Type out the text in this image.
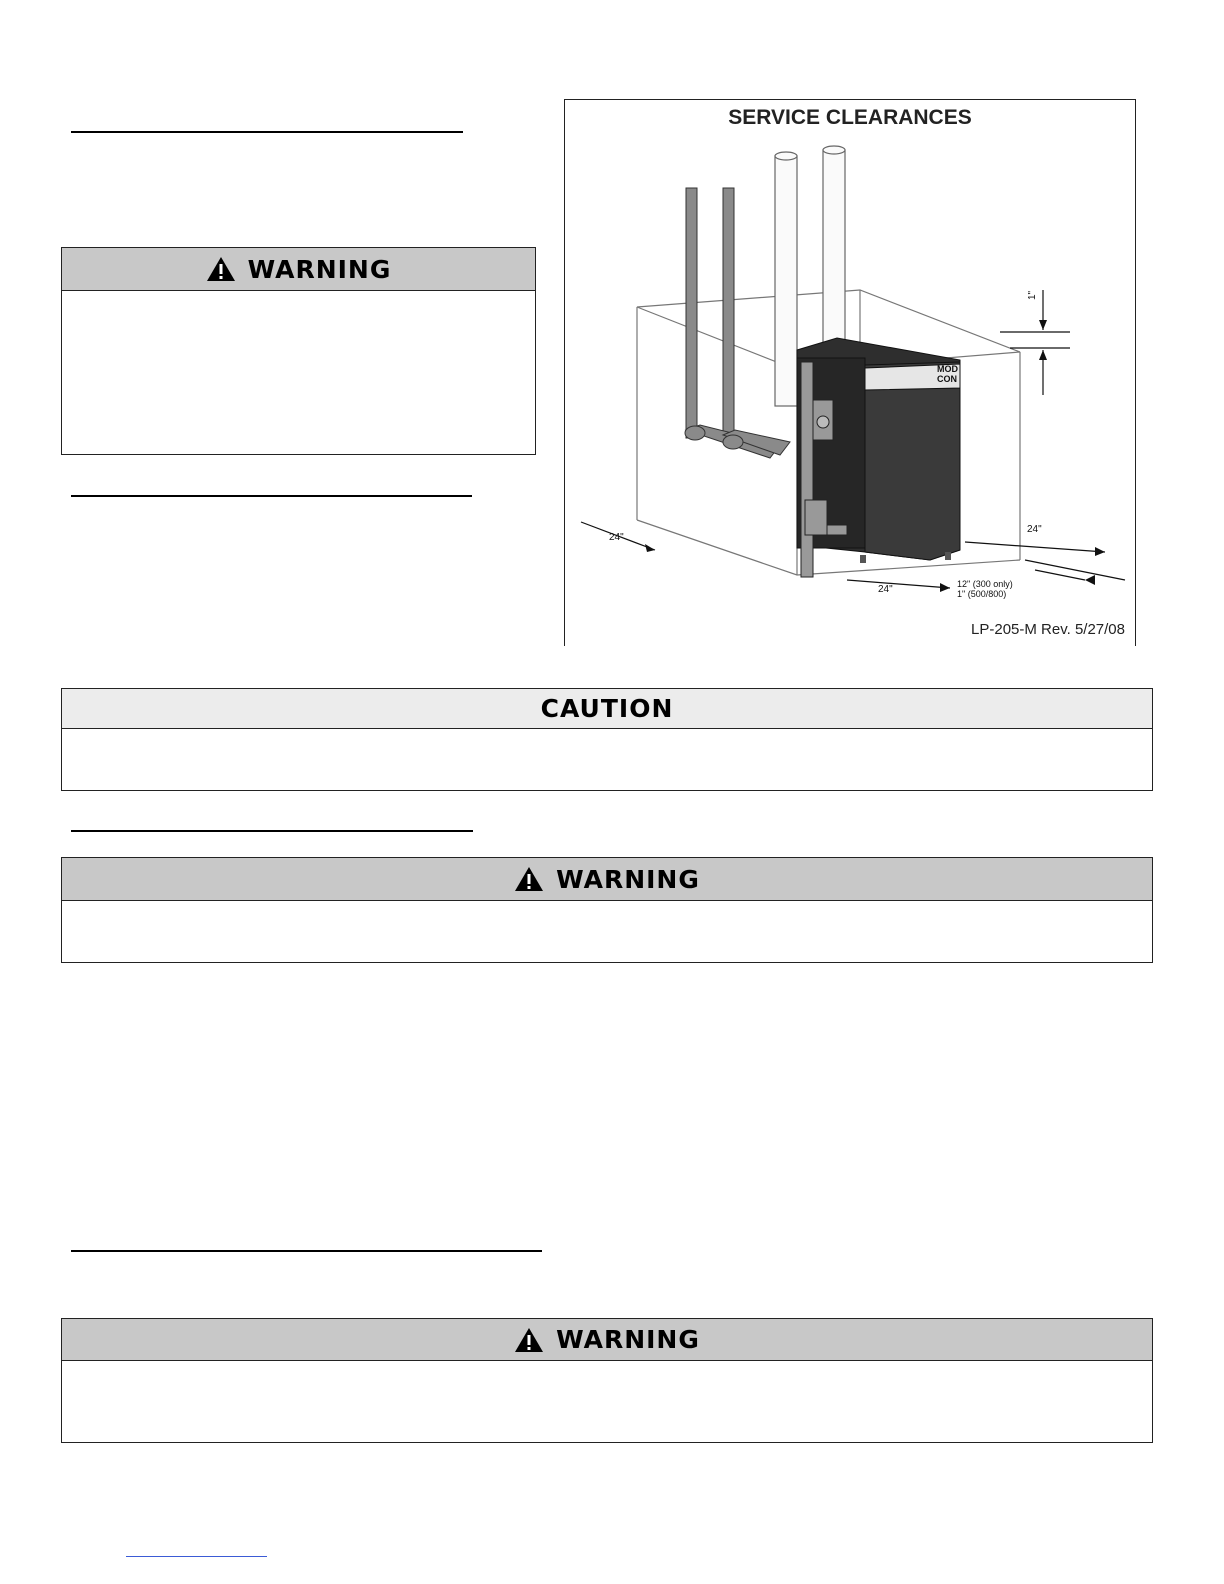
WARNING
SERVICE CLEARANCES
MOD
CON
1"
24"
24"
24"
12" (300 only)
1" (500/800)
LP-205-M Rev. 5/27/08
CAUTION
WARNING
WARNING
